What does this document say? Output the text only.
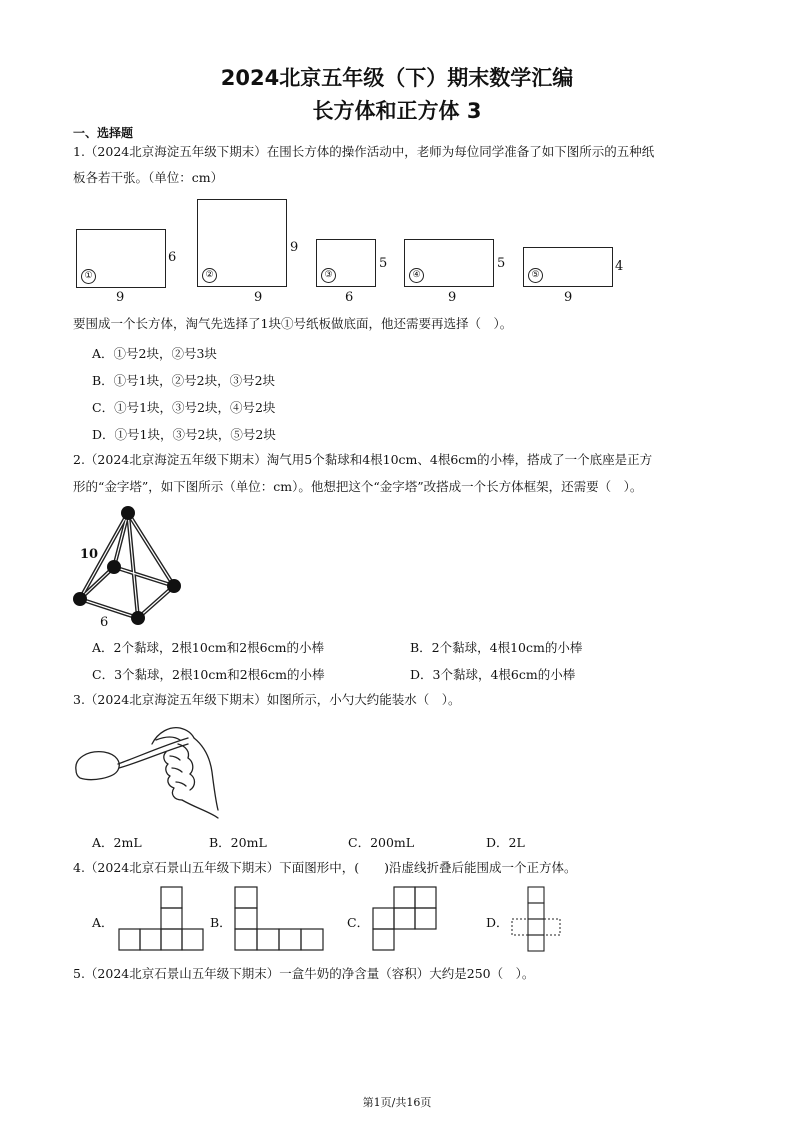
2024北京五年级（下）期末数学汇编
长方体和正方体 3
一、选择题
1.（2024北京海淀五年级下期末）在围长方体的操作活动中，老师为每位同学准备了如下图所示的五种纸
板各若干张。（单位：cm）
①
6
9
②
9
9
③
5
6
④
5
9
⑤
4
9
要围成一个长方体，淘气先选择了1块①号纸板做底面，他还需要再选择（　）。
A．①号2块，②号3块
B．①号1块，②号2块，③号2块
C．①号1块，③号2块，④号2块
D．①号1块，③号2块，⑤号2块
2.（2024北京海淀五年级下期末）淘气用5个黏球和4根10cm、4根6cm的小棒，搭成了一个底座是正方
形的“金字塔”，如下图所示（单位：cm）。他想把这个“金字塔”改搭成一个长方体框架，还需要（　）。
10
6
A．2个黏球，2根10cm和2根6cm的小棒	B．2个黏球，4根10cm的小棒
C．3个黏球，2根10cm和2根6cm的小棒	D．3个黏球，4根6cm的小棒
3.（2024北京海淀五年级下期末）如图所示，小勺大约能装水（　）。
A．2mL	B．20mL	C．200mL	D．2L
4.（2024北京石景山五年级下期末）下面图形中，(　　)沿虚线折叠后能围成一个正方体。
A．	B．	C．	D．
5.（2024北京石景山五年级下期末）一盒牛奶的净含量（容积）大约是250（　）。
第1页/共16页
